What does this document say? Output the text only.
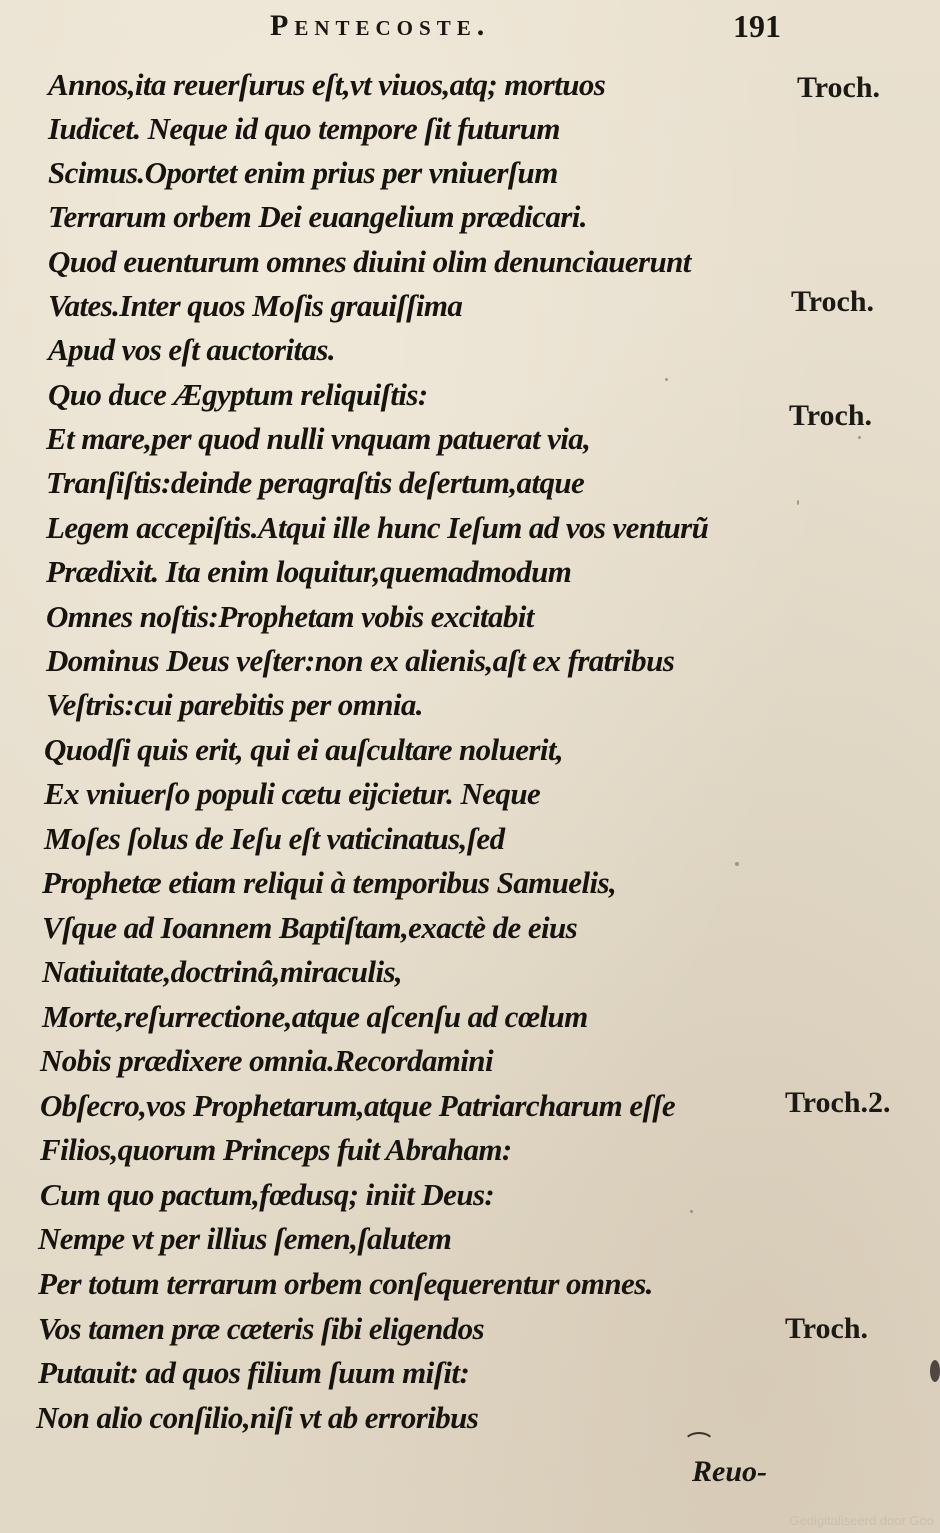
Pentecoste.	191
Annos,ita reuerſurus eſt,vt viuos,atq; mortuos
Iudicet. Neque id quo tempore ſit futurum
Scimus.Oportet enim prius per vniuerſum
Terrarum orbem Dei euangelium prædicari.
Quod euenturum omnes diuini olim denunciauerunt
Vates.Inter quos Moſis grauiſſima
Apud vos eſt auctoritas.
Quo duce Ægyptum reliquiſtis:
Et mare,per quod nulli vnquam patuerat via,
Tranſiſtis:deinde peragraſtis deſertum,atque
Legem accepiſtis.Atqui ille hunc Ieſum ad vos venturũ
Prædixit. Ita enim loquitur,quemadmodum
Omnes noſtis:Prophetam vobis excitabit
Dominus Deus veſter:non ex alienis,aſt ex fratribus
Veſtris:cui parebitis per omnia.
Quodſi quis erit, qui ei auſcultare noluerit,
Ex vniuerſo populi cætu eijcietur. Neque
Moſes ſolus de Ieſu eſt vaticinatus,ſed
Prophetæ etiam reliqui à temporibus Samuelis,
Vſque ad Ioannem Baptiſtam,exactè de eius
Natiuitate,doctrinâ,miraculis,
Morte,reſurrectione,atque aſcenſu ad cœlum
Nobis prædixere omnia.Recordamini
Obſecro,vos Prophetarum,atque Patriarcharum eſſe
Filios,quorum Princeps fuit Abraham:
Cum quo pactum,fœdusq; iniit Deus:
Nempe vt per illius ſemen,ſalutem
Per totum terrarum orbem conſequerentur omnes.
Vos tamen præ cæteris ſibi eligendos
Putauit: ad quos filium ſuum miſit:
Non alio conſilio,niſi vt ab erroribus
Troch.
Troch.
Troch.
Troch.2.
Troch.
Reuo-
Gedigitaliseerd door Goo
